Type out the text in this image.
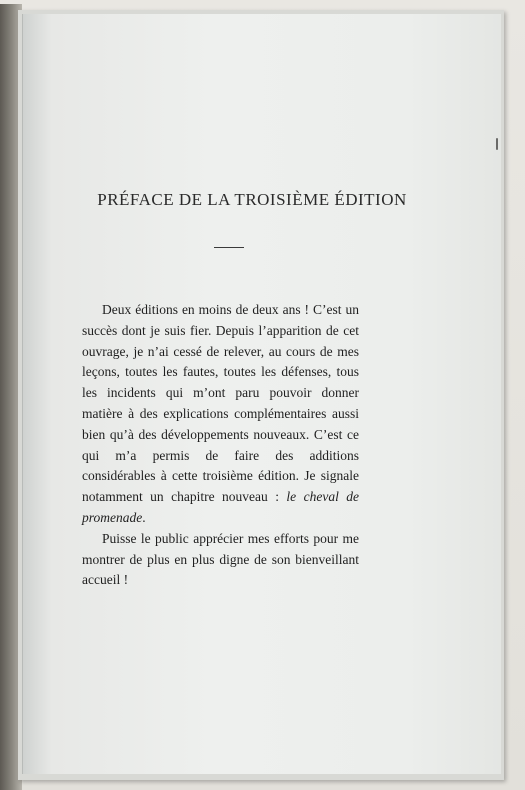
PRÉFACE DE LA TROISIÈME ÉDITION

Deux éditions en moins de deux ans ! C’est un succès dont je suis fier. Depuis l’apparition de cet ouvrage, je n’ai cessé de relever, au cours de mes leçons, toutes les fautes, toutes les défenses, tous les incidents qui m’ont paru pouvoir donner matière à des explications complémentaires aussi bien qu’à des développements nouveaux. C’est ce qui m’a permis de faire des additions considérables à cette troisième édition. Je signale notamment un chapitre nouveau : le cheval de promenade.

Puisse le public apprécier mes efforts pour me montrer de plus en plus digne de son bienveillant accueil !
